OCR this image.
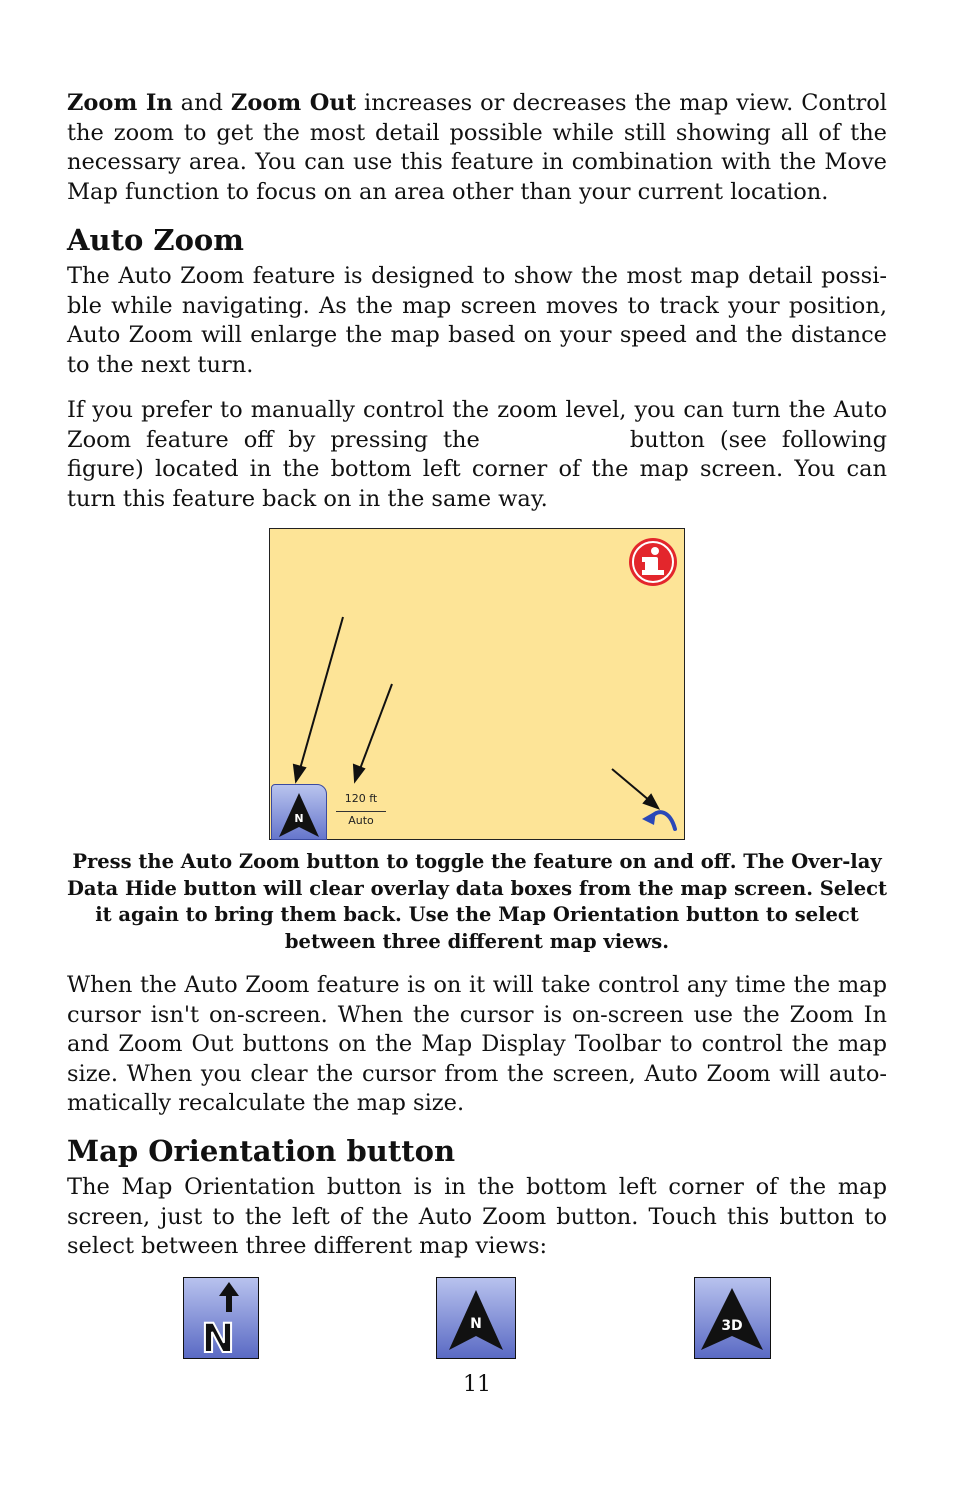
Zoom In and Zoom Out increases or decreases the map view. Control the zoom to get the most detail possible while still showing all of the necessary area. You can use this feature in combination with the Move Map function to focus on an area other than your current location.

Auto Zoom

The Auto Zoom feature is designed to show the most map detail possi-ble while navigating. As the map screen moves to track your position, Auto Zoom will enlarge the map based on your speed and the distance to the next turn.

If you prefer to manually control the zoom level, you can turn the Auto Zoom feature off by pressing the	button (see following figure) located in the bottom left corner of the map screen. You can turn this feature back on in the same way.

N
120 ft
Auto

Press the Auto Zoom button to toggle the feature on and off. The Over-lay Data Hide button will clear overlay data boxes from the map screen. Select it again to bring them back. Use the Map Orientation button to select between three different map views.

When the Auto Zoom feature is on it will take control any time the map cursor isn't on-screen. When the cursor is on-screen use the Zoom In and Zoom Out buttons on the Map Display Toolbar to control the map size. When you clear the cursor from the screen, Auto Zoom will auto-matically recalculate the map size.

Map Orientation button

The Map Orientation button is in the bottom left corner of the map screen, just to the left of the Auto Zoom button. Touch this button to select between three different map views:

N	N	3D
11
